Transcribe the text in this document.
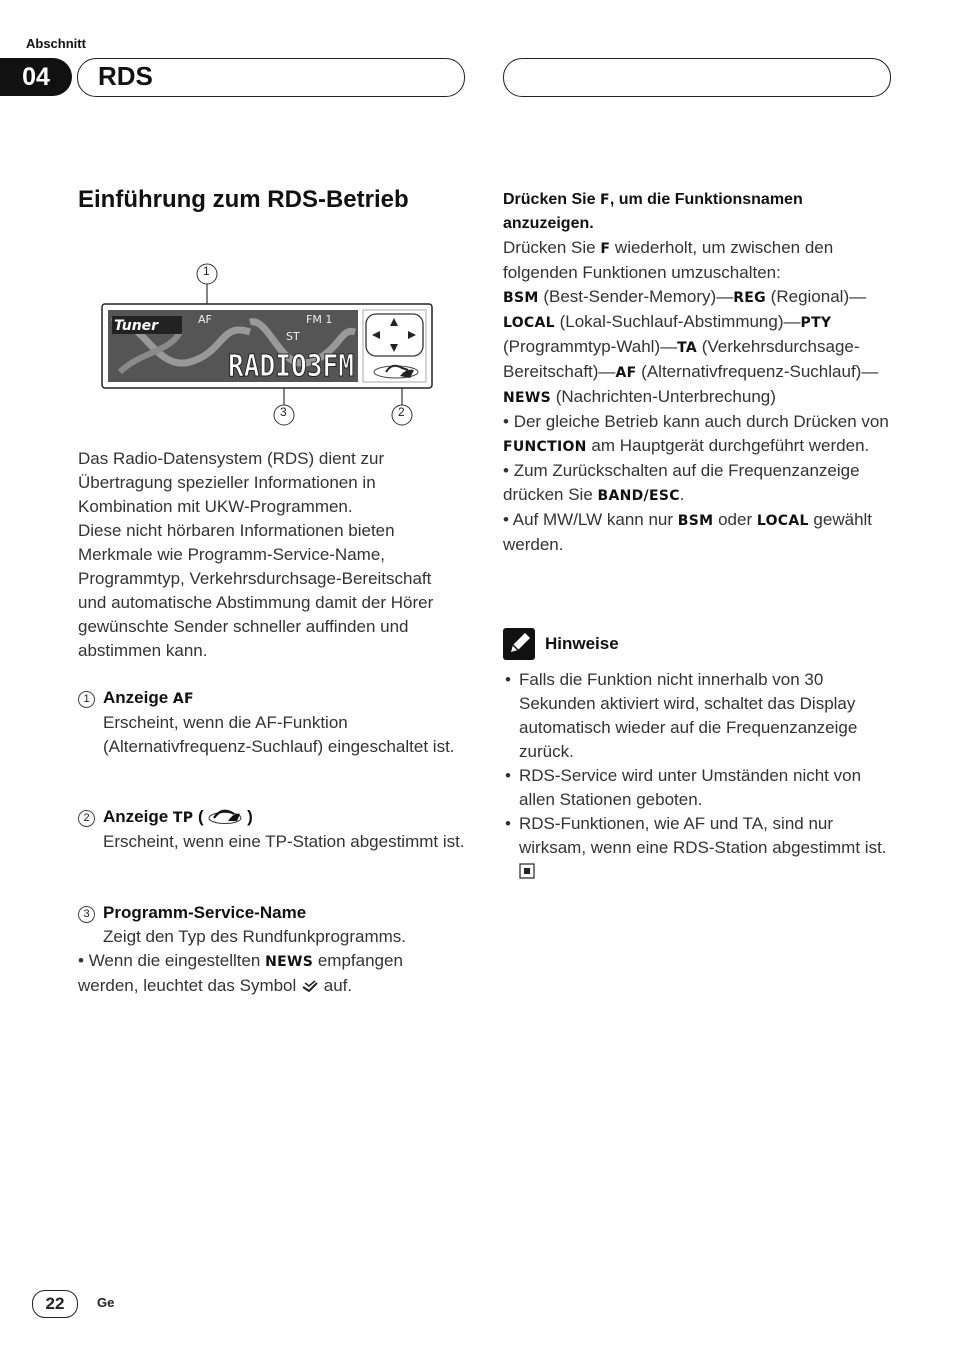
Abschnitt
04	RDS
Einführung zum RDS-Betrieb
Tuner	AF	FM 1
ST
RADIO3FM
1
3	2

Das Radio-Datensystem (RDS) dient zur Übertragung spezieller Informationen in Kombination mit UKW-Programmen.

Diese nicht hörbaren Informationen bieten Merkmale wie Programm-Service-Name, Programmtyp, Verkehrsdurchsage-Bereitschaft und automatische Abstimmung damit der Hörer gewünschte Sender schneller auffinden und abstimmen kann.

1 Anzeige AF

Erscheint, wenn die AF-Funktion (Alternativfrequenz-Suchlauf) eingeschaltet ist.

2 Anzeige TP (  )

Erscheint, wenn eine TP-Station abgestimmt ist.

3 Programm-Service-Name

Zeigt den Typ des Rundfunkprogramms.

• Wenn die eingestellten NEWS empfangen werden, leuchtet das Symbol  auf.

Drücken Sie F, um die Funktionsnamen anzuzeigen.

Drücken Sie F wiederholt, um zwischen den folgenden Funktionen umzuschalten:

BSM (Best-Sender-Memory)—REG (Regional)—LOCAL (Lokal-Suchlauf-Abstimmung)—PTY (Programmtyp-Wahl)—TA (Verkehrsdurchsage-Bereitschaft)—AF (Alternativfrequenz-Suchlauf)—NEWS (Nachrichten-Unterbrechung)

• Der gleiche Betrieb kann auch durch Drücken von FUNCTION am Hauptgerät durchgeführt werden.

• Zum Zurückschalten auf die Frequenzanzeige drücken Sie BAND/ESC.

• Auf MW/LW kann nur BSM oder LOCAL gewählt werden.

Hinweise
• Falls die Funktion nicht innerhalb von 30 Sekunden aktiviert wird, schaltet das Display automatisch wieder auf die Frequenzanzeige zurück.
• RDS-Service wird unter Umständen nicht von allen Stationen geboten.
• RDS-Funktionen, wie AF und TA, sind nur wirksam, wenn eine RDS-Station abgestimmt ist.
22	Ge
